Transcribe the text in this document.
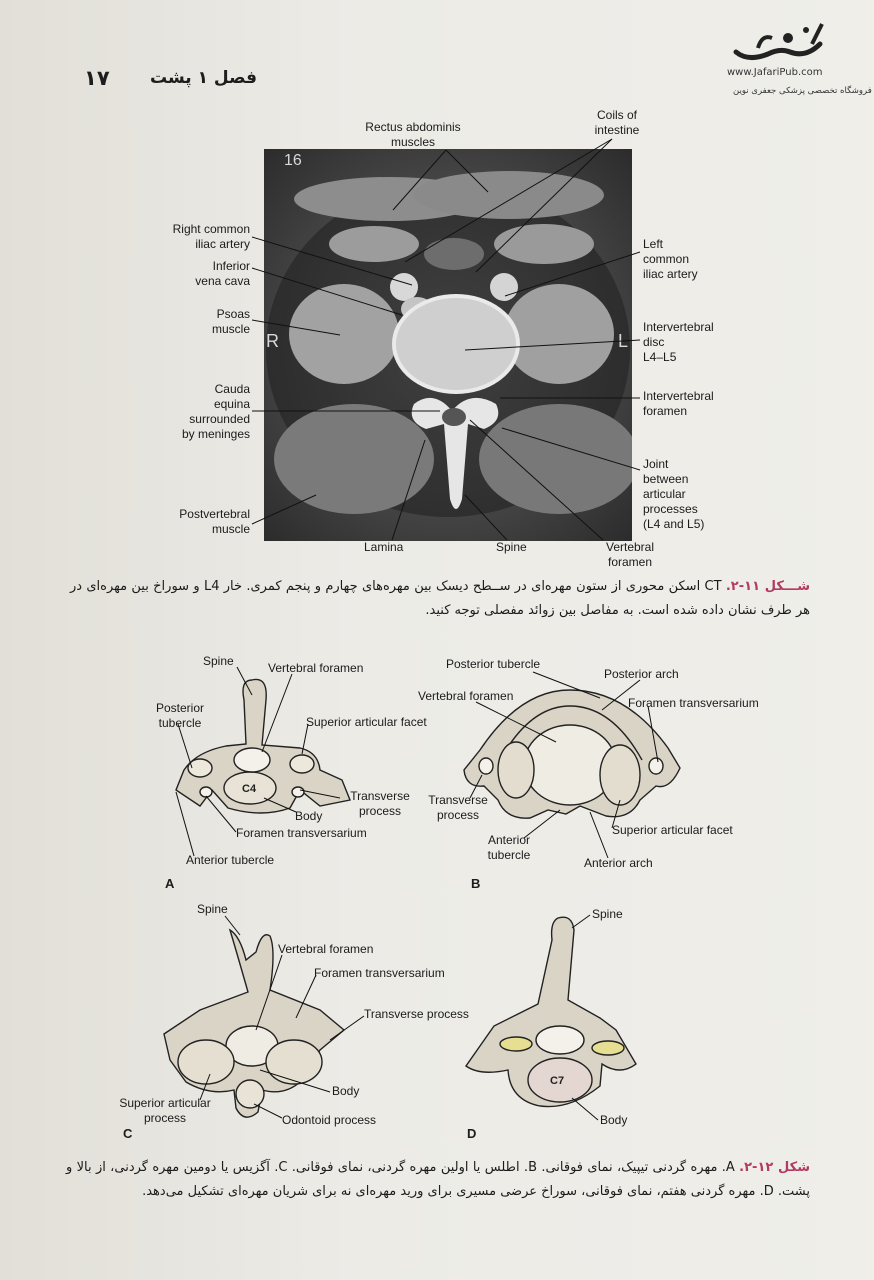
۱۷ فصل ۱ پشت	www.JafariPub.com
فروشگاه تخصصی پزشکی جعفری نوین
16
R	L
Rectus abdominis
muscles
Coils of
intestine
Right common
iliac artery
Inferior
vena cava
Psoas
muscle
Cauda
equina
surrounded
by meninges
Postvertebral
muscle
Lamina	Spine	Vertebral
foramen
Left
common
iliac artery
Intervertebral
disc
L4–L5
Intervertebral
foramen
Joint
between
articular
processes
(L4 and L5)
شـــکل ۱۱-۲. CT اسکن محوری از ستون مهره‌ای در ســطح دیسک بین مهره‌های چهارم و پنجم کمری. خار L4 و سوراخ بین مهره‌ای در هر طرف نشان داده شده است. به مفاصل بین زوائد مفصلی توجه کنید.
C4
C7
Spine	Vertebral foramen
Posterior
tubercle	Superior articular facet
Transverse
process
Body
Foramen transversarium
Anterior tubercle
A
Posterior tubercle
Posterior arch
Vertebral foramen	Foramen transversarium
Transverse
process
Anterior
tubercle
Superior articular facet
Anterior arch
B
Spine
Vertebral foramen
Foramen transversarium
Transverse process
Body
Superior articular
process	Odontoid process
C
Spine
Body
D
شکل ۱۲-۲. A. مهره گردنی تیپیک، نمای فوقانی. B. اطلس یا اولین مهره گردنی، نمای فوقانی. C. آگزیس یا دومین مهره گردنی، از بالا و پشت. D. مهره گردنی هفتم، نمای فوقانی، سوراخ عرضی مسیری برای ورید مهره‌ای نه برای شریان مهره‌ای تشکیل می‌دهد.
